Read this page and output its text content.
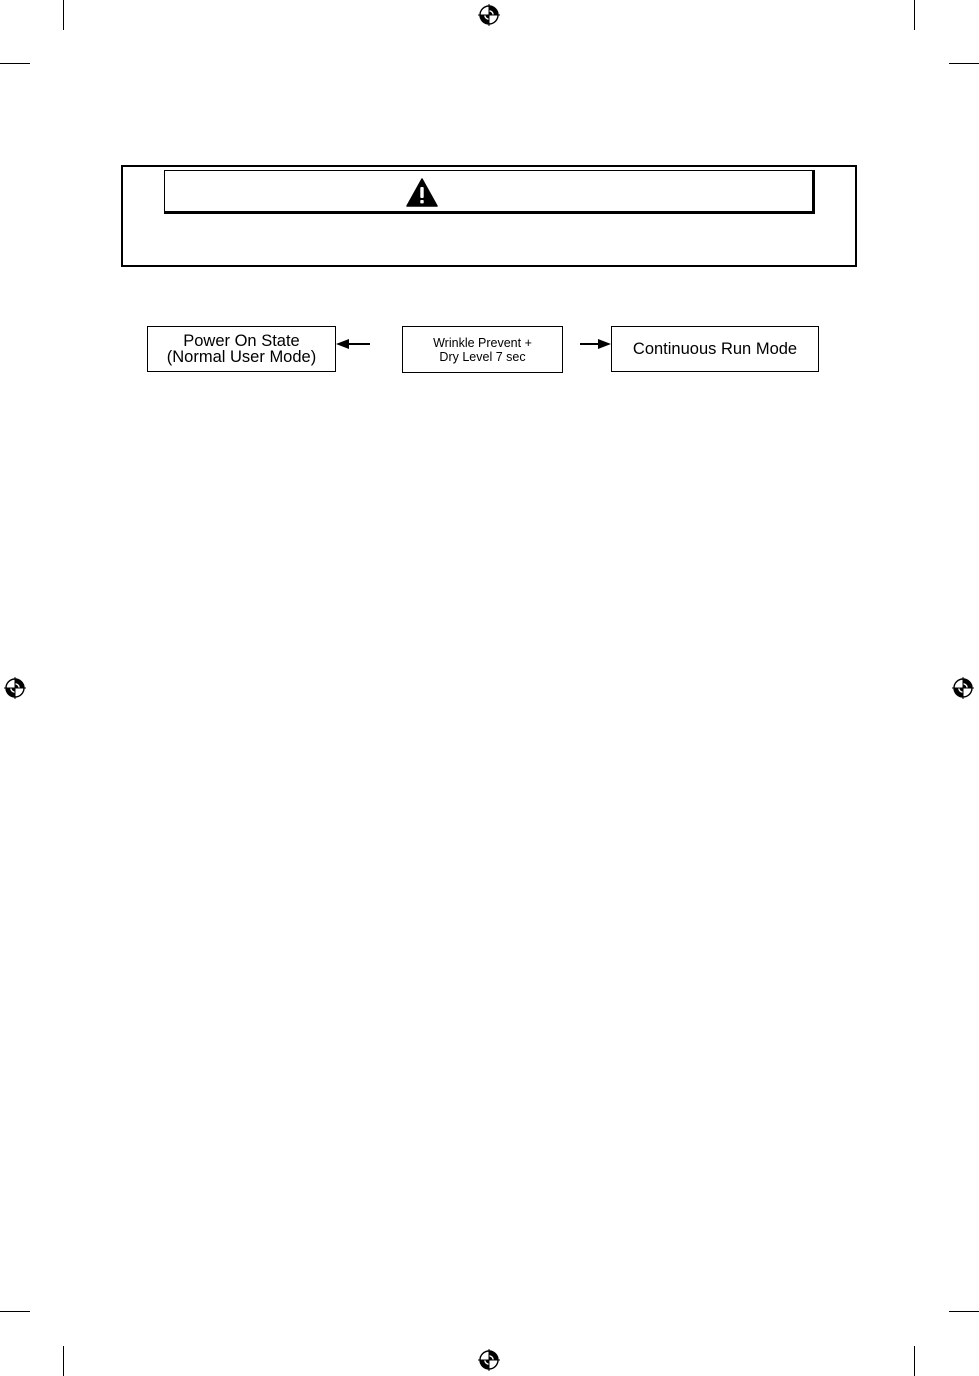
Power On State
(Normal User Mode)
Wrinkle Prevent +
Dry Level 7 sec	Continuous Run Mode
